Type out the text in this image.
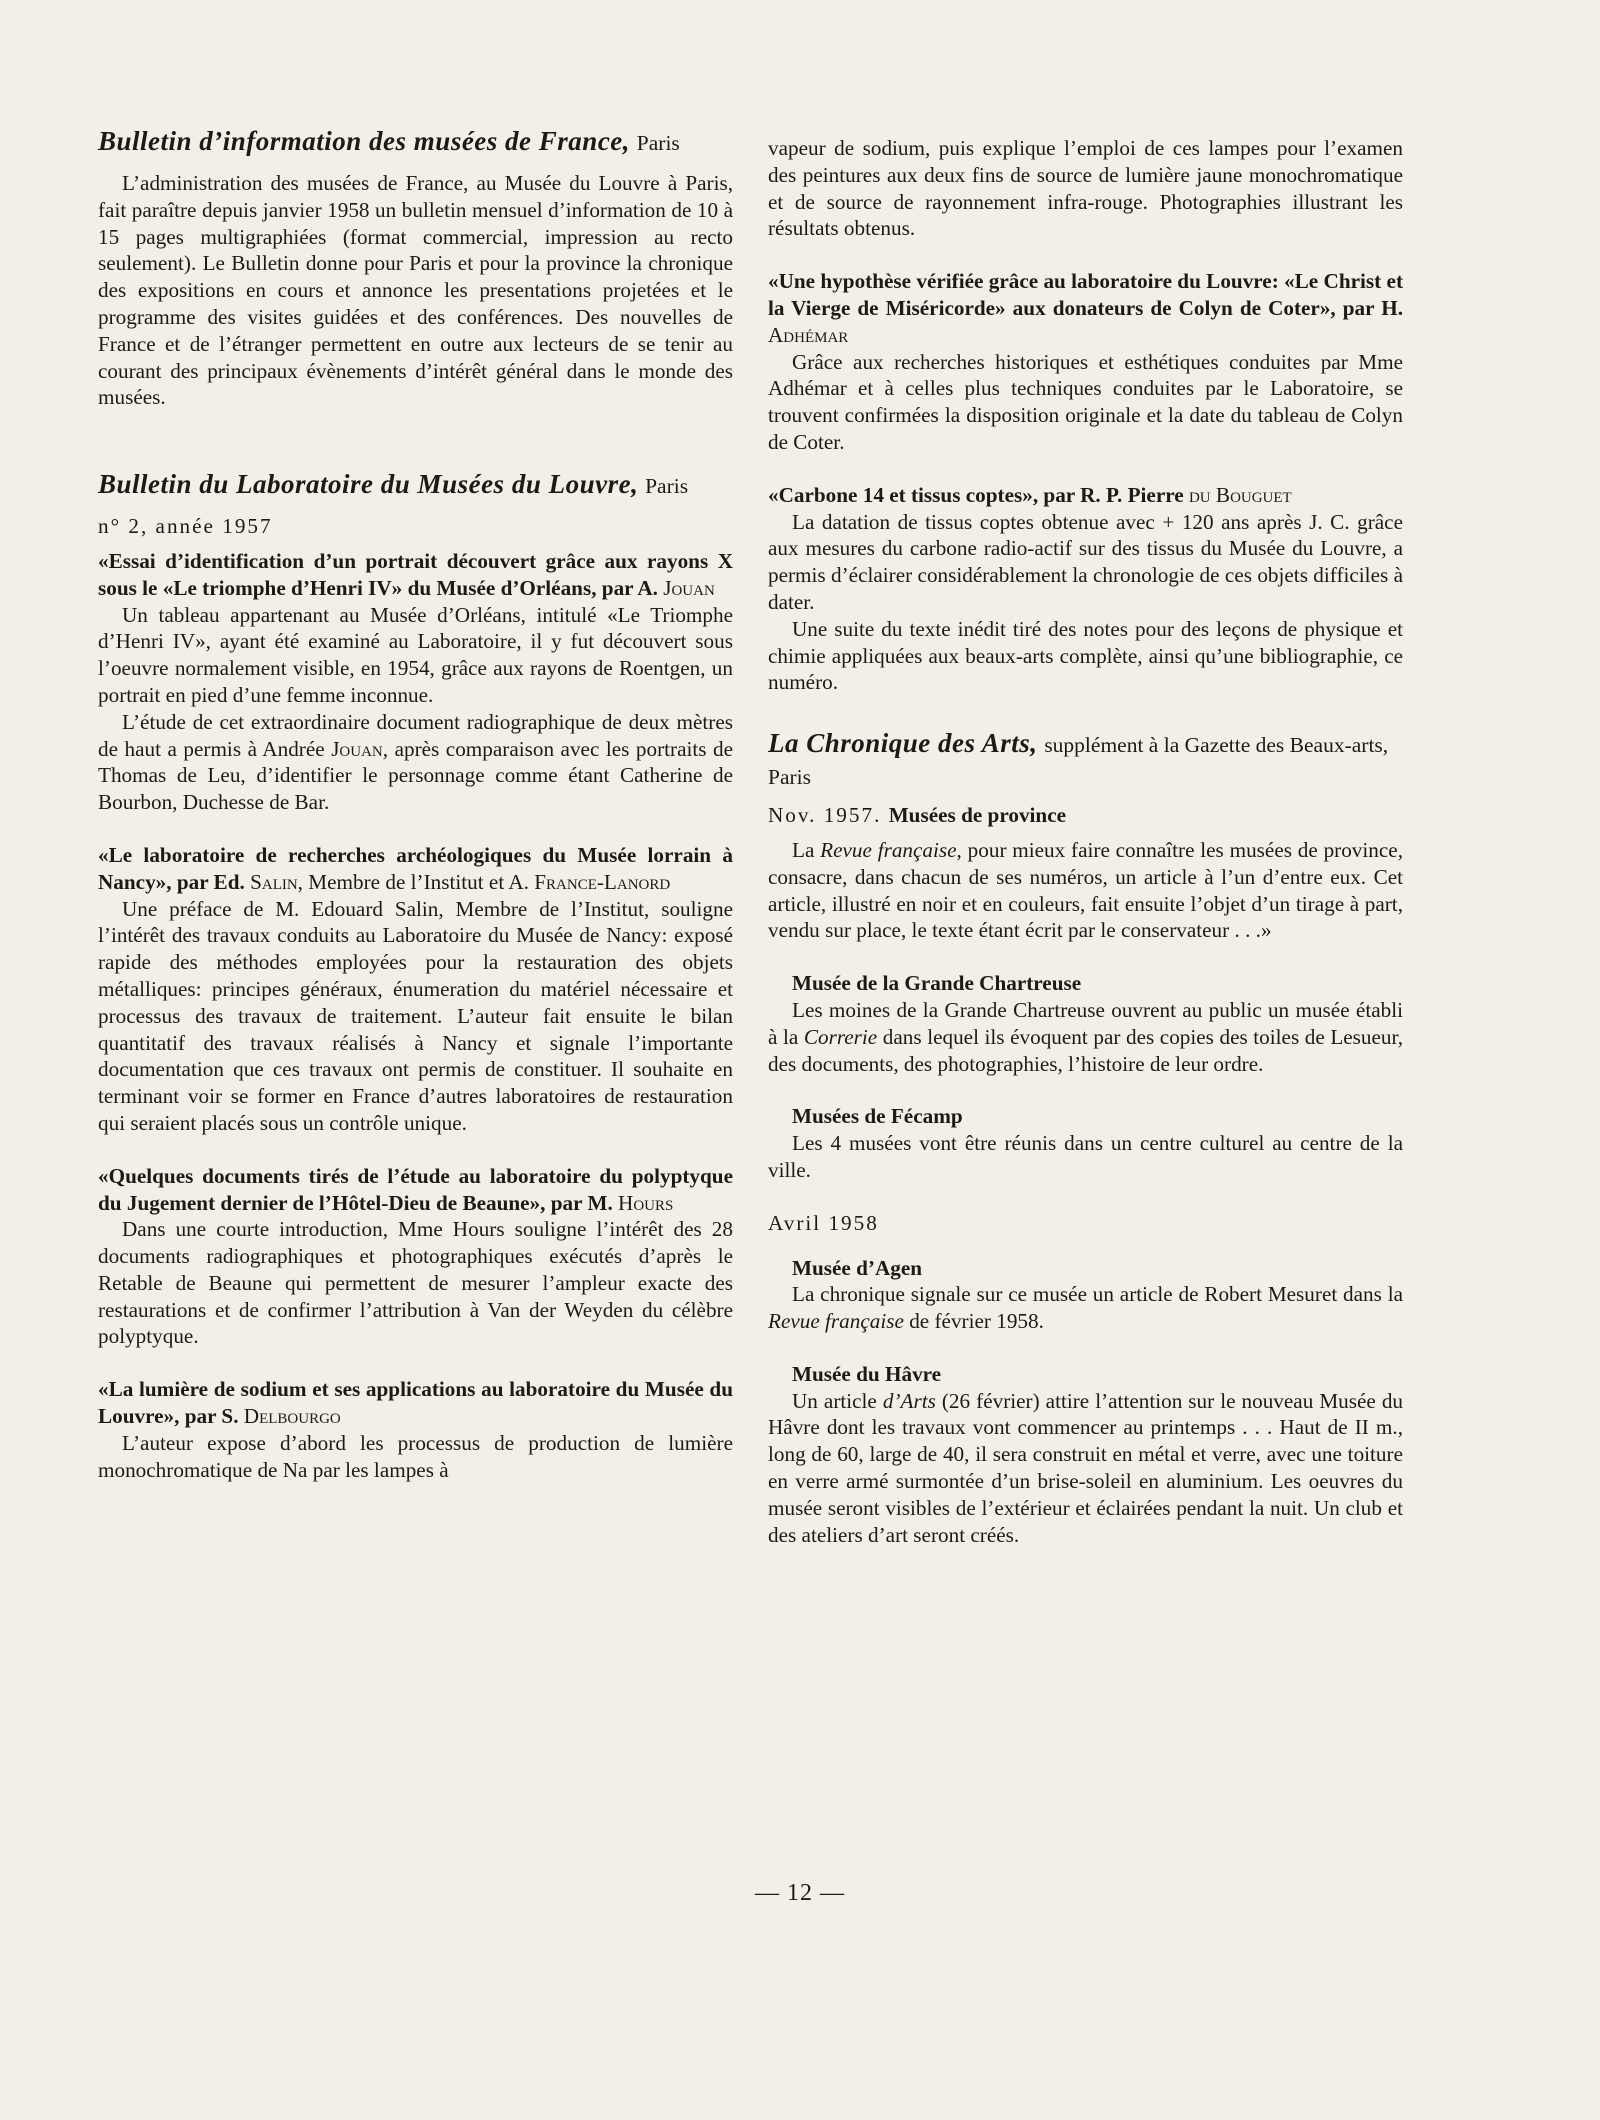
Bulletin d’information des musées de France, Paris

L’administration des musées de France, au Musée du Louvre à Paris, fait paraître depuis janvier 1958 un bulletin mensuel d’information de 10 à 15 pages multigraphiées (format commercial, impression au recto seulement). Le Bulletin donne pour Paris et pour la province la chronique des expositions en cours et annonce les presentations projetées et le programme des visites guidées et des conférences. Des nouvelles de France et de l’étranger permettent en outre aux lecteurs de se tenir au courant des principaux évènements d’intérêt général dans le monde des musées.

Bulletin du Laboratoire du Musées du Louvre, Paris

n° 2, année 1957

«Essai d’identification d’un portrait découvert grâce aux rayons X sous le «Le triomphe d’Henri IV» du Musée d’Orléans, par A. Jouan

Un tableau appartenant au Musée d’Orléans, intitulé «Le Triomphe d’Henri IV», ayant été examiné au Laboratoire, il y fut découvert sous l’oeuvre normalement visible, en 1954, grâce aux rayons de Roentgen, un portrait en pied d’une femme inconnue.

L’étude de cet extraordinaire document radiographique de deux mètres de haut a permis à Andrée Jouan, après comparaison avec les portraits de Thomas de Leu, d’identifier le personnage comme étant Catherine de Bourbon, Duchesse de Bar.

«Le laboratoire de recherches archéologiques du Musée lorrain à Nancy», par Ed. Salin, Membre de l’Institut et A. France-Lanord

Une préface de M. Edouard Salin, Membre de l’Institut, souligne l’intérêt des travaux conduits au Laboratoire du Musée de Nancy: exposé rapide des méthodes employées pour la restauration des objets métalliques: principes généraux, énumeration du matériel nécessaire et processus des travaux de traitement. L’auteur fait ensuite le bilan quantitatif des travaux réalisés à Nancy et signale l’importante documentation que ces travaux ont permis de constituer. Il souhaite en terminant voir se former en France d’autres laboratoires de restauration qui seraient placés sous un contrôle unique.

«Quelques documents tirés de l’étude au laboratoire du polyptyque du Jugement dernier de l’Hôtel-Dieu de Beaune», par M. Hours

Dans une courte introduction, Mme Hours souligne l’intérêt des 28 documents radiographiques et photographiques exécutés d’après le Retable de Beaune qui permettent de mesurer l’ampleur exacte des restaurations et de confirmer l’attribution à Van der Weyden du célèbre polyptyque.

«La lumière de sodium et ses applications au laboratoire du Musée du Louvre», par S. Delbourgo

L’auteur expose d’abord les processus de production de lumière monochromatique de Na par les lampes à

vapeur de sodium, puis explique l’emploi de ces lampes pour l’examen des peintures aux deux fins de source de lumière jaune monochromatique et de source de rayonnement infra-rouge. Photographies illustrant les résultats obtenus.

«Une hypothèse vérifiée grâce au laboratoire du Louvre: «Le Christ et la Vierge de Miséricorde» aux donateurs de Colyn de Coter», par H. Adhémar

Grâce aux recherches historiques et esthétiques conduites par Mme Adhémar et à celles plus techniques conduites par le Laboratoire, se trouvent confirmées la disposition originale et la date du tableau de Colyn de Coter.

«Carbone 14 et tissus coptes», par R. P. Pierre du Bouguet

La datation de tissus coptes obtenue avec + 120 ans après J. C. grâce aux mesures du carbone radio-actif sur des tissus du Musée du Louvre, a permis d’éclairer considérablement la chronologie de ces objets difficiles à dater.

Une suite du texte inédit tiré des notes pour des leçons de physique et chimie appliquées aux beaux-arts complète, ainsi qu’une bibliographie, ce numéro.

La Chronique des Arts, supplément à la Gazette des Beaux-arts, Paris

Nov. 1957. Musées de province

La Revue française, pour mieux faire connaître les musées de province, consacre, dans chacun de ses numéros, un article à l’un d’entre eux. Cet article, illustré en noir et en couleurs, fait ensuite l’objet d’un tirage à part, vendu sur place, le texte étant écrit par le conservateur . . .»

Musée de la Grande Chartreuse

Les moines de la Grande Chartreuse ouvrent au public un musée établi à la Correrie dans lequel ils évoquent par des copies des toiles de Lesueur, des documents, des photographies, l’histoire de leur ordre.

Musées de Fécamp

Les 4 musées vont être réunis dans un centre culturel au centre de la ville.

Avril 1958

Musée d’Agen

La chronique signale sur ce musée un article de Robert Mesuret dans la Revue française de février 1958.

Musée du Hâvre

Un article d’Arts (26 février) attire l’attention sur le nouveau Musée du Hâvre dont les travaux vont commencer au printemps . . . Haut de II m., long de 60, large de 40, il sera construit en métal et verre, avec une toiture en verre armé surmontée d’un brise-soleil en aluminium. Les oeuvres du musée seront visibles de l’extérieur et éclairées pendant la nuit. Un club et des ateliers d’art seront créés.

— 12 —
